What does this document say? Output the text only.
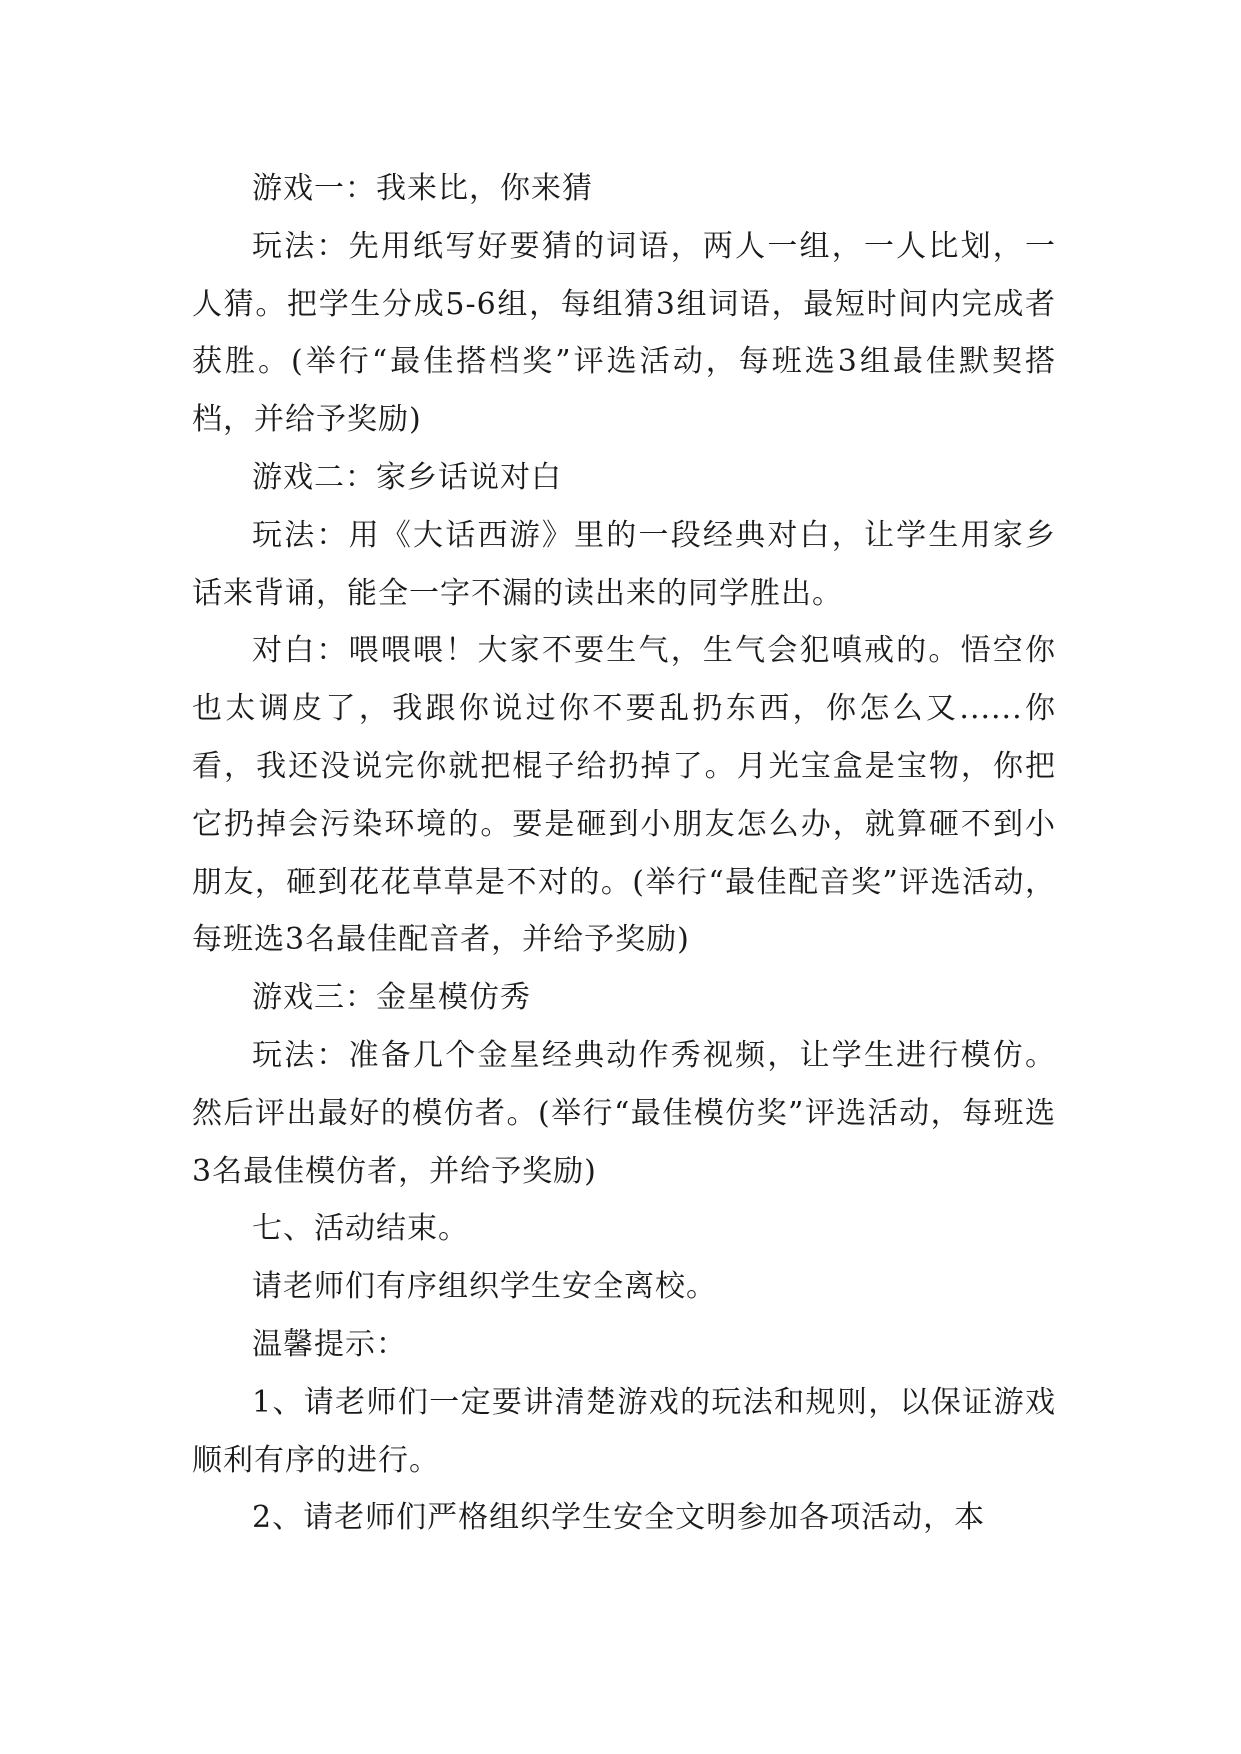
游戏一：我来比，你来猜

玩法：先用纸写好要猜的词语，两人一组，一人比划，一人猜。把学生分成5-6组，每组猜3组词语，最短时间内完成者获胜。(举行“最佳搭档奖”评选活动，每班选3组最佳默契搭档，并给予奖励)

游戏二：家乡话说对白

玩法：用《大话西游》里的一段经典对白，让学生用家乡话来背诵，能全一字不漏的读出来的同学胜出。

对白：喂喂喂！大家不要生气，生气会犯嗔戒的。悟空你也太调皮了，我跟你说过你不要乱扔东西，你怎么又......你看，我还没说完你就把棍子给扔掉了。月光宝盒是宝物，你把它扔掉会污染环境的。要是砸到小朋友怎么办，就算砸不到小朋友，砸到花花草草是不对的。(举行“最佳配音奖”评选活动，每班选3名最佳配音者，并给予奖励)

游戏三：金星模仿秀

玩法：准备几个金星经典动作秀视频，让学生进行模仿。然后评出最好的模仿者。(举行“最佳模仿奖”评选活动，每班选3名最佳模仿者，并给予奖励)

七、活动结束。

请老师们有序组织学生安全离校。

温馨提示：

1、请老师们一定要讲清楚游戏的玩法和规则，以保证游戏顺利有序的进行。

2、请老师们严格组织学生安全文明参加各项活动，本
